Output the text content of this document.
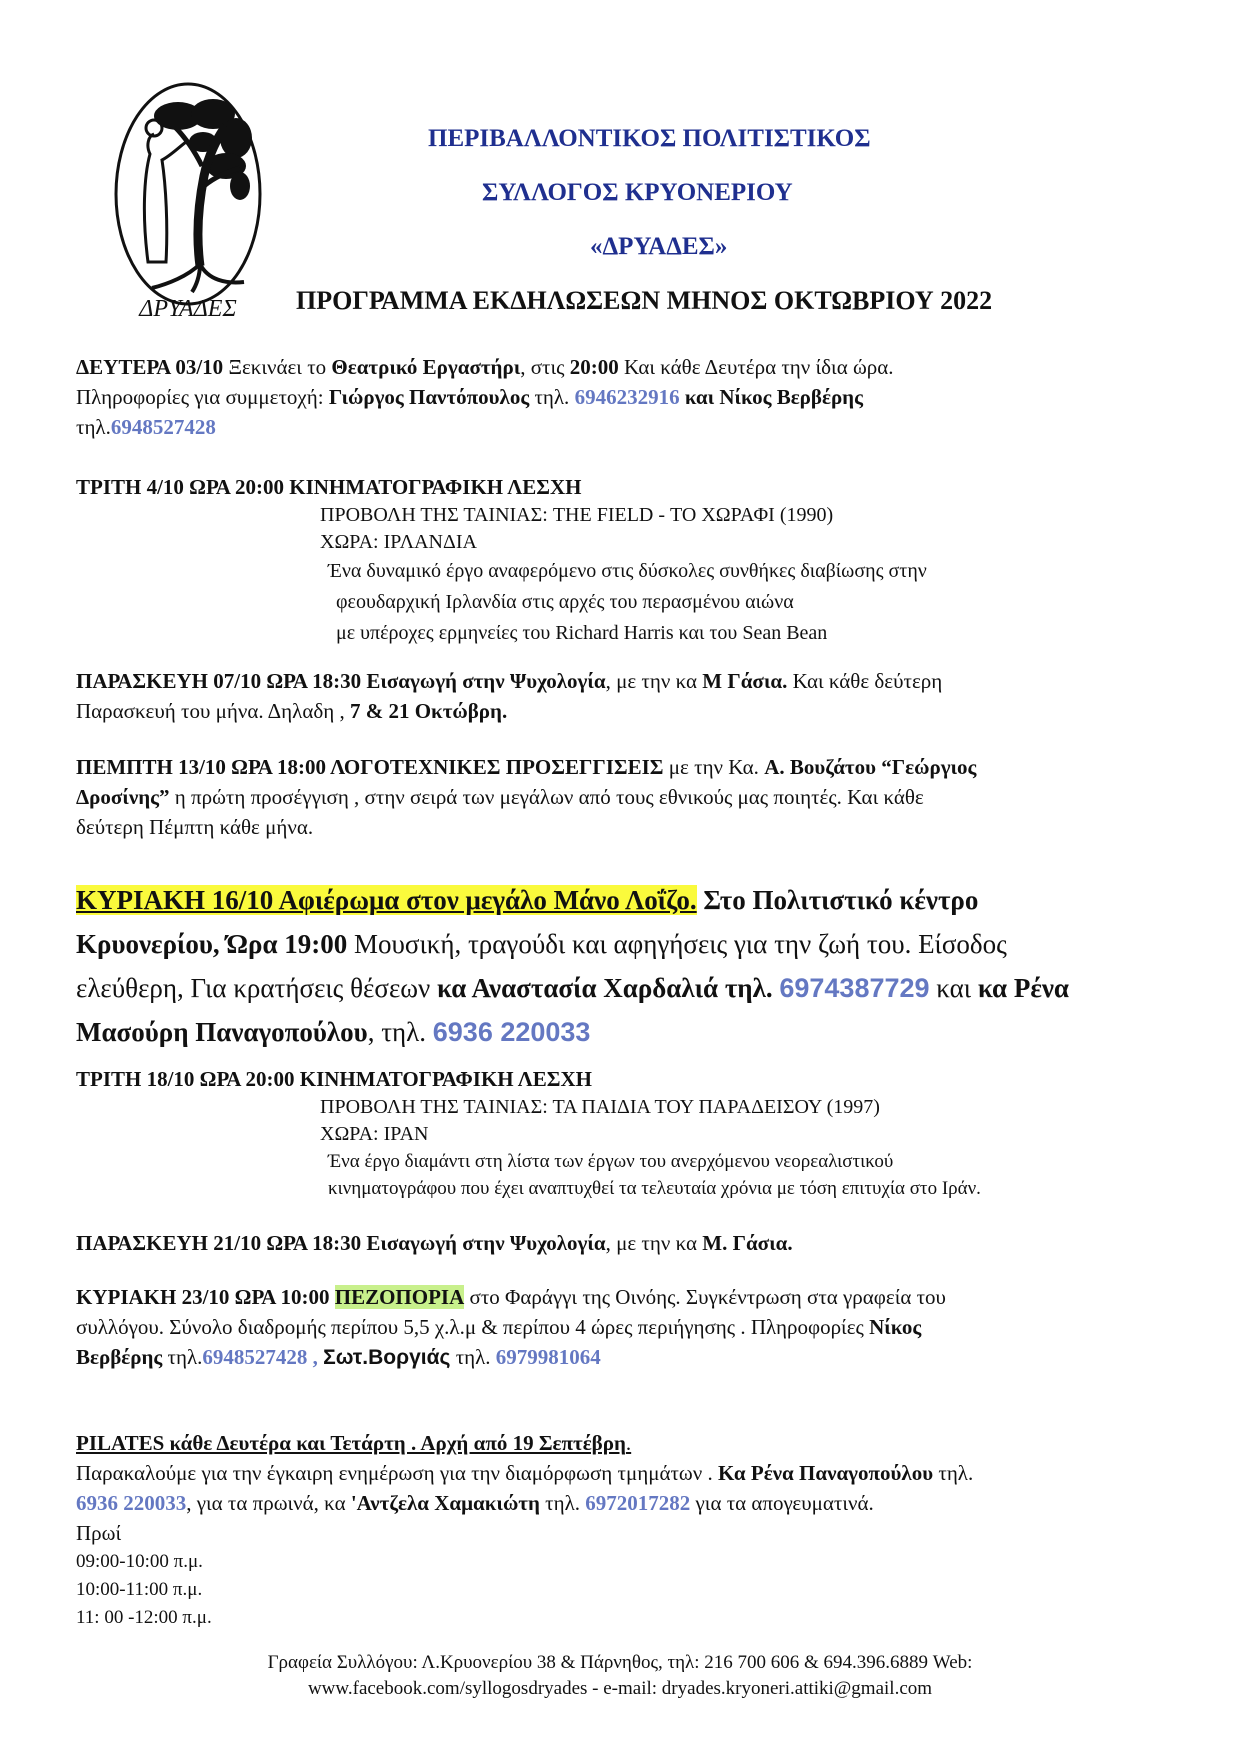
ΔΡΥΑΔΕΣ
ΠΕΡΙΒΑΛΛΟΝΤΙΚΟΣ ΠΟΛΙΤΙΣΤΙΚΟΣ
ΣΥΛΛΟΓΟΣ ΚΡΥΟΝΕΡΙΟΥ
«ΔΡΥΑΔΕΣ»
ΠΡΟΓΡΑΜΜΑ ΕΚΔΗΛΩΣΕΩΝ ΜΗΝΟΣ ΟΚΤΩΒΡΙΟΥ 2022
ΔΕΥΤΕΡΑ 03/10 Ξεκινάει το Θεατρικό Εργαστήρι, στις 20:00 Και κάθε Δευτέρα την ίδια ώρα.
Πληροφορίες για συμμετοχή: Γιώργος Παντόπουλος τηλ. 6946232916 και Νίκος Βερβέρης
τηλ.6948527428
ΤΡΙΤΗ 4/10 ΩΡΑ 20:00 ΚΙΝΗΜΑΤΟΓΡΑΦΙΚΗ ΛΕΣΧΗ
ΠΡΟΒΟΛΗ ΤΗΣ ΤΑΙΝΙΑΣ: THE FIELD - ΤΟ ΧΩΡΑΦΙ (1990)
ΧΩΡΑ: ΙΡΛΑΝΔΙΑ
Ένα δυναμικό έργο αναφερόμενο στις δύσκολες συνθήκες διαβίωσης στην
φεουδαρχική Ιρλανδία στις αρχές του περασμένου αιώνα
με υπέροχες ερμηνείες του Richard Harris και του Sean Bean
ΠΑΡΑΣΚΕΥΗ 07/10 ΩΡΑ 18:30 Εισαγωγή στην Ψυχολογία, με την κα Μ Γάσια. Και κάθε δεύτερη
Παρασκευή του μήνα. Δηλαδη , 7 & 21 Οκτώβρη.
ΠΕΜΠΤΗ 13/10 ΩΡΑ 18:00 ΛΟΓΟΤΕΧΝΙΚΕΣ ΠΡΟΣΕΓΓΙΣΕΙΣ με την Κα. Α. Βουζάτου “Γεώργιος
Δροσίνης” η πρώτη προσέγγιση , στην σειρά των μεγάλων από τους εθνικούς μας ποιητές. Και κάθε
δεύτερη Πέμπτη κάθε μήνα.
ΚΥΡΙΑΚΗ 16/10 Αφιέρωμα στον μεγάλο Μάνο Λοΐζο. Στο Πολιτιστικό κέντρο
Κρυονερίου, Ώρα 19:00 Μουσική, τραγούδι και αφηγήσεις για την ζωή του. Είσοδος
ελεύθερη, Για κρατήσεις θέσεων κα Αναστασία Χαρδαλιά τηλ. 6974387729 και κα Ρένα
Μασούρη Παναγοπούλου, τηλ. 6936 220033
ΤΡΙΤΗ 18/10 ΩΡΑ 20:00 ΚΙΝΗΜΑΤΟΓΡΑΦΙΚΗ ΛΕΣΧΗ
ΠΡΟΒΟΛΗ ΤΗΣ ΤΑΙΝΙΑΣ: ΤΑ ΠΑΙΔΙΑ ΤΟΥ ΠΑΡΑΔΕΙΣΟΥ (1997)
ΧΩΡΑ: ΙΡΑΝ
Ένα έργο διαμάντι στη λίστα των έργων του ανερχόμενου νεορεαλιστικού
κινηματογράφου που έχει αναπτυχθεί τα τελευταία χρόνια με τόση επιτυχία στο Ιράν.
ΠΑΡΑΣΚΕΥΗ 21/10 ΩΡΑ 18:30 Εισαγωγή στην Ψυχολογία, με την κα Μ. Γάσια.
ΚΥΡΙΑΚΗ 23/10 ΩΡΑ 10:00 ΠΕΖΟΠΟΡΙΑ στο Φαράγγι της Οινόης. Συγκέντρωση στα γραφεία του
συλλόγου. Σύνολο διαδρομής περίπου 5,5 χ.λ.μ & περίπου 4 ώρες περιήγησης . Πληροφορίες Νίκος
Βερβέρης τηλ.6948527428 , Σωτ.Βοργιάς τηλ. 6979981064
PILATES κάθε Δευτέρα και Τετάρτη . Αρχή από 19 Σεπτέβρη.
Παρακαλούμε για την έγκαιρη ενημέρωση για την διαμόρφωση τμημάτων . Κα Ρένα Παναγοπούλου τηλ.
6936 220033, για τα πρωινά, κα 'Αντζελα Χαμακιώτη τηλ. 6972017282 για τα απογευματινά.
Πρωί
09:00-10:00 π.μ.
10:00-11:00 π.μ.
11: 00 -12:00 π.μ.
Γραφεία Συλλόγου: Λ.Κρυονερίου 38 & Πάρνηθος, τηλ: 216 700 606 & 694.396.6889 Web:
www.facebook.com/syllogosdryades - e-mail: dryades.kryoneri.attiki@gmail.com
